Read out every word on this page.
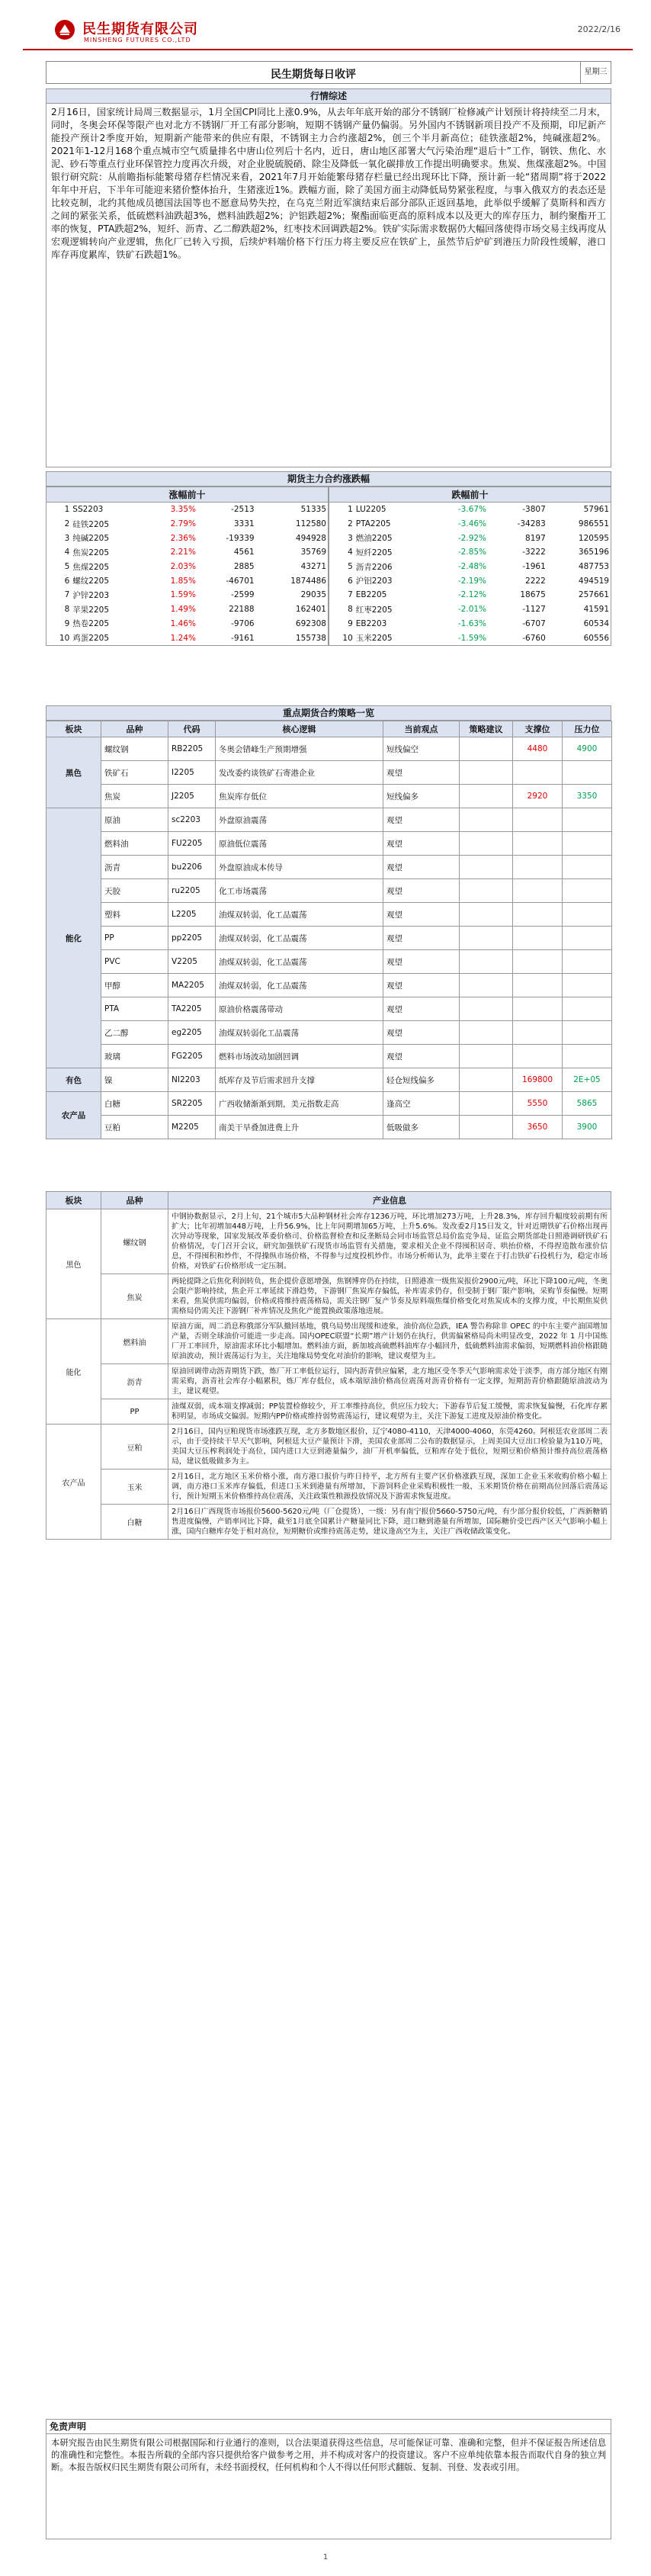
民生期货有限公司
MINSHENG FUTURES CO.,LTD
2022/2/16
民生期货每日收评	星期三
行情综述
2月16日，国家统计局周三数据显示，1月全国CPI同比上涨0.9%，从去年年底开始的部分不锈钢厂检修减产计划预计将持续至二月末，同时，冬奥会环保等限产也对北方不锈钢厂开工有部分影响，短期不锈钢产量仍偏弱。另外国内不锈钢新项目投产不及预期，印尼新产能投产预计2季度开始，短期新产能带来的供应有限，不锈钢主力合约涨超2%，创三个半月新高位；硅铁涨超2%，纯碱涨超2%。2021年1-12月168个重点城市空气质量排名中唐山位列后十名内，近日，唐山地区部署大气污染治理“退后十”工作，钢铁、焦化、水泥、砂石等重点行业环保管控力度再次升级，对企业脱硫脱硝、除尘及降低一氧化碳排放工作提出明确要求。焦炭、焦煤涨超2%。中国银行研究院：从前瞻指标能繁母猪存栏情况来看，2021年7月开始能繁母猪存栏量已经出现环比下降，预计新一轮“猪周期”将于2022年年中开启，下半年可能迎来猪价整体抬升，生猪涨近1%。跌幅方面，除了美国方面主动降低局势紧张程度，与事入俄双方的表态还是比较克制，北约其他成员德国法国等也不愿意局势失控，在乌克兰附近军演结束后部分部队正返回基地，此举似乎缓解了莫斯科和西方之间的紧张关系，低硫燃料油跌超3%，燃料油跌超2%；沪铝跌超2%；聚酯面临更高的原料成本以及更大的库存压力，制约聚酯开工率的恢复，PTA跌超2%，短纤、沥青、乙二醇跌超2%，红枣技术回调跌超2%。铁矿实际需求数据仍大幅回落使得市场交易主线再度从宏观逻辑转向产业逻辑，焦化厂已转入亏损，后续炉料端价格下行压力将主要反应在铁矿上，虽然节后炉矿到港压力阶段性缓解，港口库存再度累库，铁矿石跌超1%。
期货主力合约涨跌幅
涨幅前十
1	SS2203	3.35%	-2513	51335
2	硅铁2205	2.79%	3331	112580
3	纯碱2205	2.36%	-19339	494928
4	焦炭2205	2.21%	4561	35769
5	焦煤2205	2.03%	2885	43271
6	螺纹2205	1.85%	-46701	1874486
7	沪锌2203	1.59%	-2599	29035
8	苹果2205	1.49%	22188	162401
9	热卷2205	1.46%	-9706	692308
10	鸡蛋2205	1.24%	-9161	155738
跌幅前十
1	LU2205	-3.67%	-3807	57961
2	PTA2205	-3.46%	-34283	986551
3	燃油2205	-2.92%	8197	120595
4	短纤2205	-2.85%	-3222	365196
5	沥青2206	-2.48%	-1961	487753
6	沪铝2203	-2.19%	2222	494519
7	EB2205	-2.12%	18675	257661
8	红枣2205	-2.01%	-1127	41591
9	EB2203	-1.63%	-6707	60534
10	玉米2205	-1.59%	-6760	60556
重点期货合约策略一览
板块	品种	代码	核心逻辑	当前观点	策略建议	支撑位	压力位
黑色	螺纹钢	RB2205	冬奥会错峰生产预期增强	短线偏空		4480	4900
	铁矿石	I2205	发改委约谈铁矿石寄港企业	观望			
	焦炭	J2205	焦炭库存低位	短线偏多		2920	3350
能化	原油	sc2203	外盘原油震荡	观望			
	燃料油	FU2205	原油低位震荡	观望			
	沥青	bu2206	外盘原油成本传导	观望			
	天胶	ru2205	化工市场震荡	观望			
	塑料	L2205	油煤双转弱，化工品震荡	观望			
	PP	pp2205	油煤双转弱，化工品震荡	观望			
	PVC	V2205	油煤双转弱，化工品震荡	观望			
	甲醇	MA2205	油煤双转弱，化工品震荡	观望			
	PTA	TA2205	原油价格震荡带动	观望			
	乙二醇	eg2205	油煤双转弱化工品震荡	观望			
	玻璃	FG2205	燃料市场波动加剧回调	观望			
有色	镍	NI2203	纸库存及节后需求回升支撑	轻仓短线偏多		169800	2E+05
农产品	白糖	SR2205	广西收储渐渐到期，美元指数走高	逢高空		5550	5865
	豆粕	M2205	南美干旱叠加进费上升	低吸做多		3650	3900
板块	品种	产业信息
黑色	螺纹钢	中钢协数据显示，2月上旬，21个城市5大品种钢材社会库存1236万吨，环比增加273万吨，上升28.3%，库存回升幅度较前期有所扩大；比年初增加448万吨，上升56.9%，比上年同期增加65万吨，上升5.6%。发改委2月15日发文，针对近期铁矿石价格出现再次异动等现象，国家发展改革委价格司、价格监督检查和反垄断局会同市场监管总局价监竞争局、证监会期货部赴日照港调研铁矿石价格情况，专门召开会议，研究加强铁矿石现货市场监管有关措施，要求相关企业不得囤积居奇、哄抬价格，不得捏造散布涨价信息，不得囤积和炒作，不得操纵市场价格，不得参与过度投机炒作。市场分析师认为，此举主要在于打击铁矿石投机行为，稳定市场价格，对铁矿石价格形成一定压制。
	焦炭	两轮提降之后焦化利润转负，焦企提价意愿增强，焦钢博弈仍在持续，日照港准一级焦炭报价2900元/吨，环比下降100元/吨，冬奥会限产影响持续，焦企开工率延续下滑趋势，下游钢厂焦炭库存偏低，补库需求仍存，但受制于钢厂限产影响，采购节奏偏慢。短期来看，焦炭供需均偏弱，价格或将维持震荡格局，需关注钢厂复产节奏及原料端焦煤价格变化对焦炭成本的支撑力度，中长期焦炭供需格局仍需关注下游钢厂补库情况及焦化产能置换政策落地进展。
能化	燃料油	原油方面，周二消息称俄部分军队撤回基地，俄乌局势出现缓和迹象，油价高位急跌，IEA 警告称除非 OPEC 的中东主要产油国增加产量，否则全球油价可能进一步走高。国内OPEC联盟“长期”增产计划仍在执行，供需偏紧格局尚未明显改变，2022 年 1 月中国炼厂开工率回升，原油需求环比小幅增加。燃料油方面，新加坡高硫燃料油库存小幅回升，低硫燃料油需求偏弱，短期燃料油价格跟随原油波动，预计震荡运行为主，关注地缘局势变化对油价的影响，建议观望为主。
	沥青	原油回调带动沥青期货下跌，炼厂开工率低位运行，国内沥青供应偏紧，北方地区受冬季天气影响需求处于淡季，南方部分地区有刚需采购，沥青社会库存小幅累积，炼厂库存低位，成本端原油价格高位震荡对沥青价格有一定支撑，短期沥青价格跟随原油波动为主，建议观望。
	PP	油煤双弱，成本端支撑减弱；PP装置检修较少，开工率维持高位，供应压力较大；下游春节后复工缓慢，需求恢复偏慢，石化库存累积明显，市场成交偏弱。短期内PP价格或维持弱势震荡运行，建议观望为主，关注下游复工进度及原油价格变化。
农产品	豆粕	2月16日，国内豆粕现货市场涨跌互现，北方多数地区报价，辽宁4080-4110，天津4000-4060，东莞4260。阿根廷农业部周二表示，由于受持续干旱天气影响，阿根廷大豆产量预计下滑，美国农业部周二公布的数据显示，上周美国大豆出口检验量为110万吨，美国大豆压榨利润处于高位，国内进口大豆到港量偏少，油厂开机率偏低，豆粕库存处于低位，短期豆粕价格预计维持高位震荡格局，建议低吸做多为主。
	玉米	2月16日，北方地区玉米价格小涨，南方港口报价与昨日持平，北方所有主要产区价格涨跌互现，深加工企业玉米收购价格小幅上调，南方港口玉米库存偏低，但进口玉米到港量有所增加，下游饲料企业采购积极性一般，玉米期货价格在前期高位回落后震荡运行，预计短期玉米价格维持高位震荡，关注政策性粮源投放情况及下游需求恢复进度。
	白糖	2月16日广西现货市场报价5600-5620元/吨（厂仓提货），一级：另有南宁报价5660-5750元/吨，有少部分报价较低，广西新糖销售进度偏慢，产销率同比下降，截至1月底全国累计产糖量同比下降，进口糖到港量有所增加，国际糖价受巴西产区天气影响小幅上涨，国内白糖库存处于相对高位，短期糖价或维持震荡走势，建议逢高空为主，关注广西收储政策变化。
免责声明
本研究报告由民生期货有限公司根据国际和行业通行的准则，以合法渠道获得这些信息，尽可能保证可靠、准确和完整，但并不保证报告所述信息的准确性和完整性。本报告所载的全部内容只提供给客户做参考之用，并不构成对客户的投资建议。客户不应单纯依靠本报告而取代自身的独立判断。本报告版权归民生期货有限公司所有，未经书面授权，任何机构和个人不得以任何形式翻版、复制、刊登、发表或引用。
1
